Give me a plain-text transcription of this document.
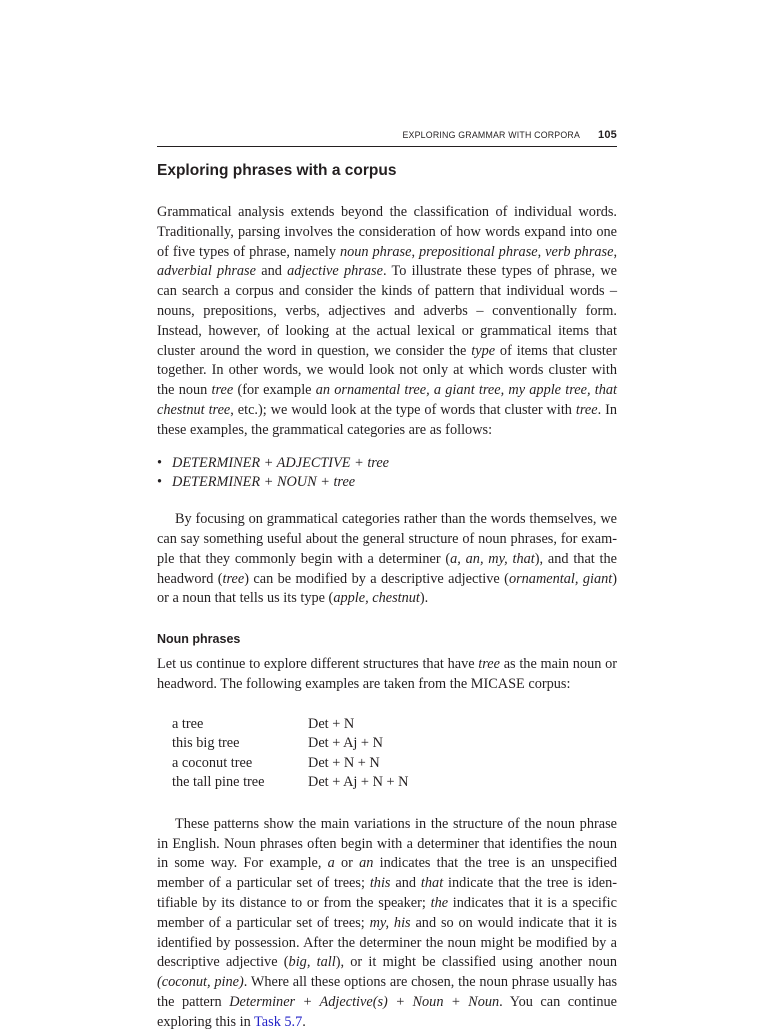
EXPLORING GRAMMAR WITH CORPORA 105
Exploring phrases with a corpus

Grammatical analysis extends beyond the classification of individual words. Traditionally, parsing involves the consideration of how words expand into one of five types of phrase, namely noun phrase, prepositional phrase, verb phrase, adverbial phrase and adjective phrase. To illustrate these types of phrase, we can search a corpus and consider the kinds of pattern that individual words – nouns, prepositions, verbs, adjectives and adverbs – conventionally form. Instead, however, of looking at the actual lexical or grammatical items that cluster around the word in question, we consider the type of items that cluster together. In other words, we would look not only at which words cluster with the noun tree (for example an ornamental tree, a giant tree, my apple tree, that chestnut tree, etc.); we would look at the type of words that cluster with tree. In these examples, the grammatical categories are as follows:

• DETERMINER + ADJECTIVE + tree
• DETERMINER + NOUN + tree

By focusing on grammatical categories rather than the words themselves, we can say something useful about the general structure of noun phrases, for example that they commonly begin with a determiner (a, an, my, that), and that the headword (tree) can be modified by a descriptive adjective (ornamental, giant) or a noun that tells us its type (apple, chestnut).

Noun phrases

Let us continue to explore different structures that have tree as the main noun or headword. The following examples are taken from the MICASE corpus:

a tree	Det + N
this big tree	Det + Aj + N
a coconut tree	Det + N + N
the tall pine tree	Det + Aj + N + N

These patterns show the main variations in the structure of the noun phrase in English. Noun phrases often begin with a determiner that identifies the noun in some way. For example, a or an indicates that the tree is an unspecified member of a particular set of trees; this and that indicate that the tree is identifiable by its distance to or from the speaker; the indicates that it is a specific member of a particular set of trees; my, his and so on would indicate that it is identified by possession. After the determiner the noun might be modified by a descriptive adjective (big, tall), or it might be classified using another noun (coconut, pine). Where all these options are chosen, the noun phrase usually has the pattern Determiner + Adjective(s) + Noun + Noun. You can continue exploring this in Task 5.7.
